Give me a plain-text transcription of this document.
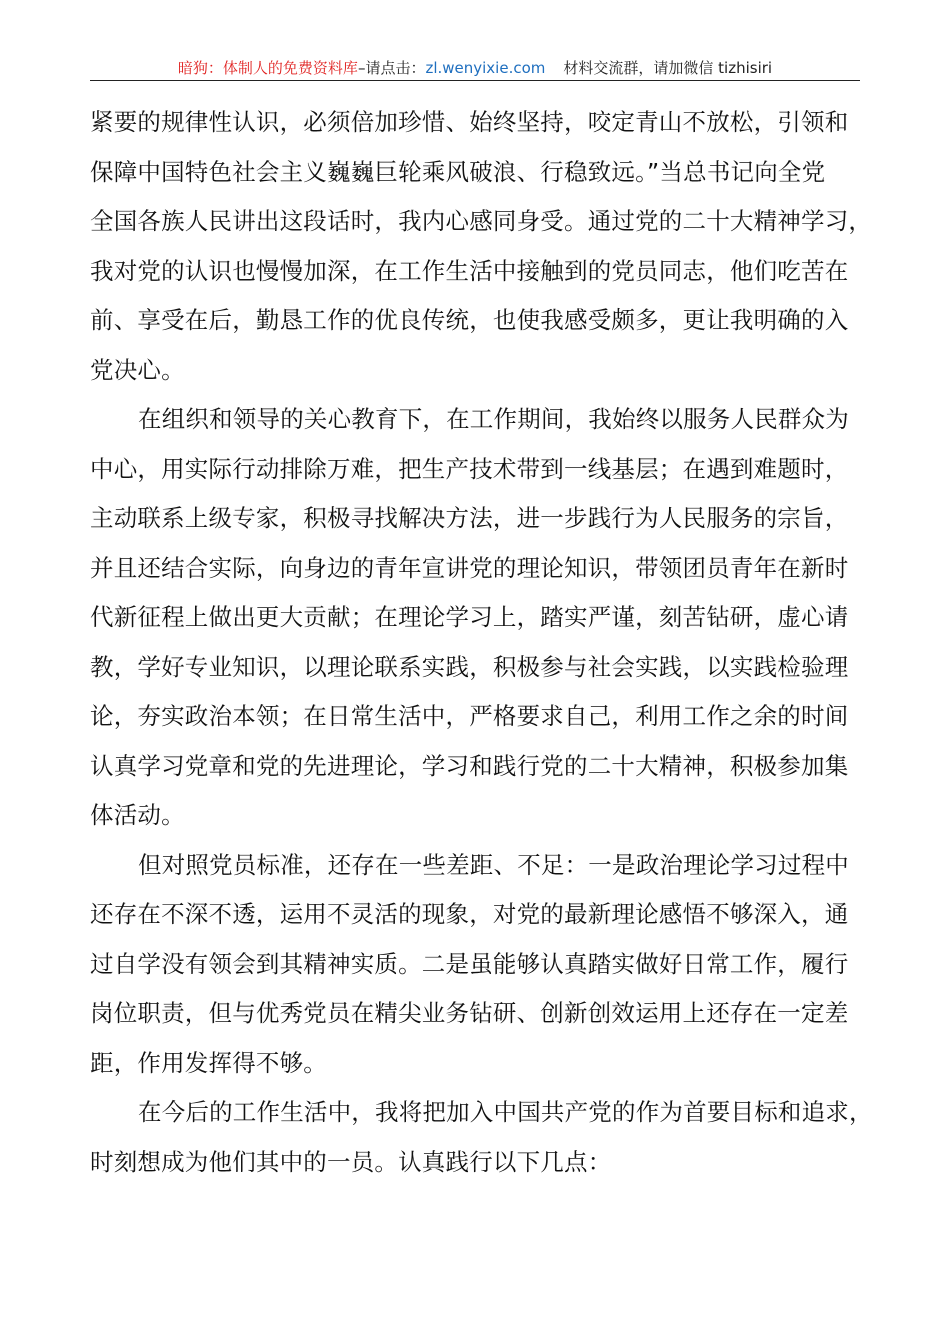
暗狗：体制人的免费资料库–请点击：zl.wenyixie.com 材料交流群，请加微信 tizhisiri
紧要的规律性认识，必须倍加珍惜、始终坚持，咬定青山不放松，引领和
保障中国特色社会主义巍巍巨轮乘风破浪、行稳致远。”当总书记向全党
全国各族人民讲出这段话时，我内心感同身受。通过党的二十大精神学习，
我对党的认识也慢慢加深，在工作生活中接触到的党员同志，他们吃苦在
前、享受在后，勤恳工作的优良传统，也使我感受颇多，更让我明确的入
党决心。
在组织和领导的关心教育下，在工作期间，我始终以服务人民群众为
中心，用实际行动排除万难，把生产技术带到一线基层；在遇到难题时，
主动联系上级专家，积极寻找解决方法，进一步践行为人民服务的宗旨，
并且还结合实际，向身边的青年宣讲党的理论知识，带领团员青年在新时
代新征程上做出更大贡献；在理论学习上，踏实严谨，刻苦钻研，虚心请
教，学好专业知识，以理论联系实践，积极参与社会实践，以实践检验理
论，夯实政治本领；在日常生活中，严格要求自己，利用工作之余的时间
认真学习党章和党的先进理论，学习和践行党的二十大精神，积极参加集
体活动。
但对照党员标准，还存在一些差距、不足：一是政治理论学习过程中
还存在不深不透，运用不灵活的现象，对党的最新理论感悟不够深入，通
过自学没有领会到其精神实质。二是虽能够认真踏实做好日常工作，履行
岗位职责，但与优秀党员在精尖业务钻研、创新创效运用上还存在一定差
距，作用发挥得不够。
在今后的工作生活中，我将把加入中国共产党的作为首要目标和追求，
时刻想成为他们其中的一员。认真践行以下几点：
